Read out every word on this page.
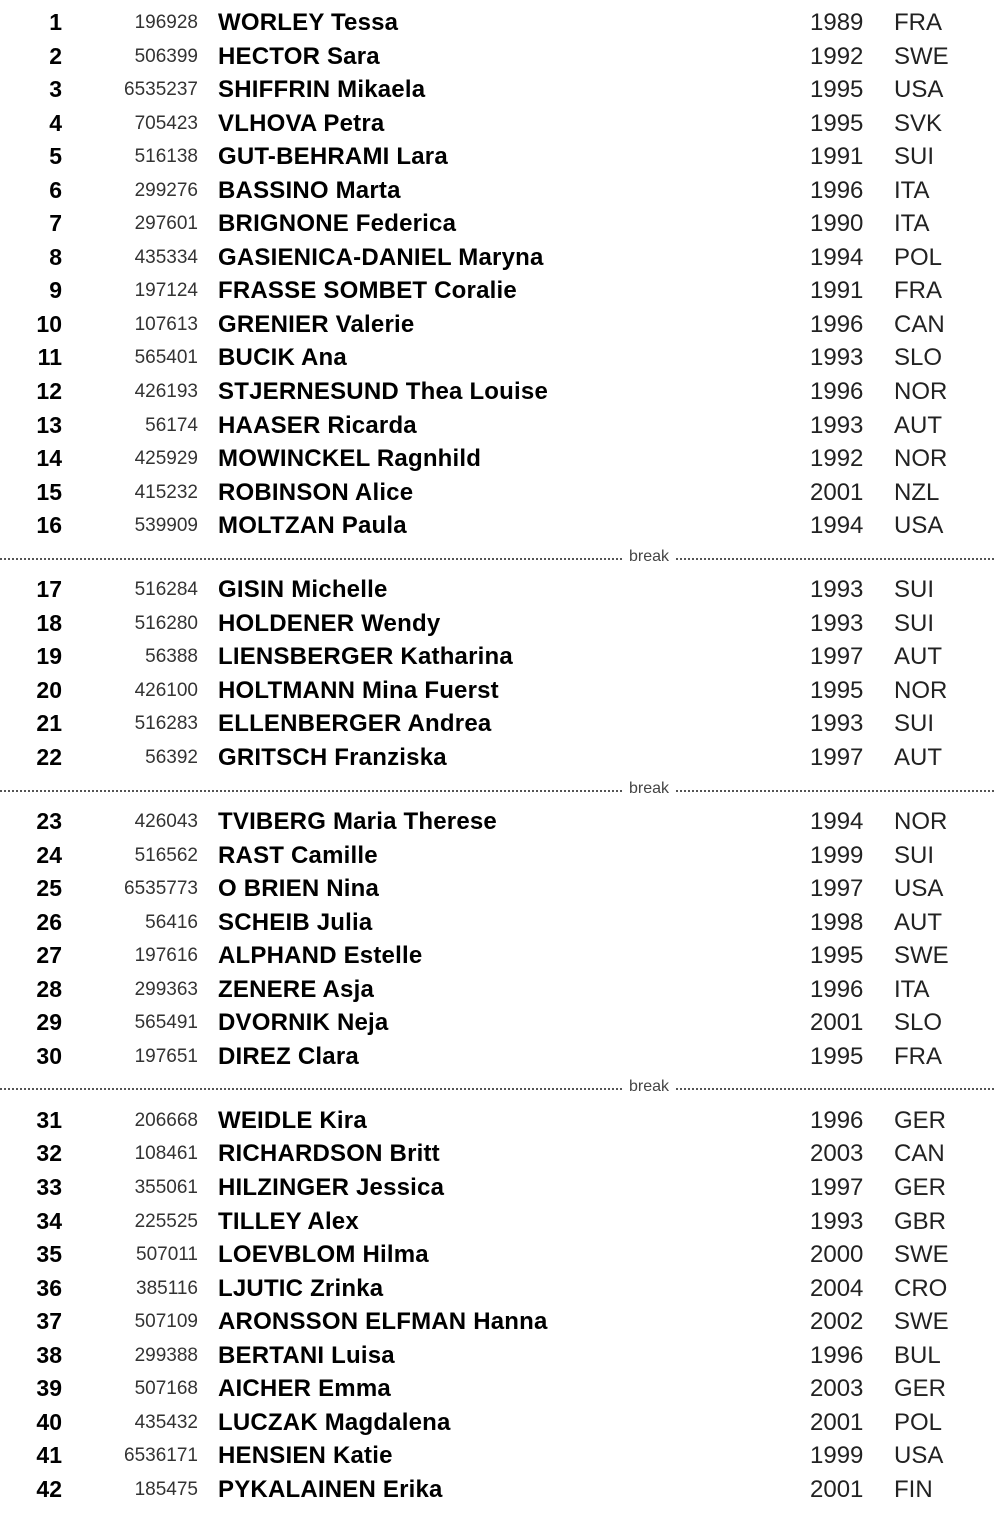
1	196928 WORLEY Tessa	1989 FRA
2	506399 HECTOR Sara	1992 SWE
3	6535237 SHIFFRIN Mikaela	1995 USA
4	705423 VLHOVA Petra	1995 SVK
5	516138 GUT-BEHRAMI Lara	1991 SUI
6	299276 BASSINO Marta	1996 ITA
7	297601 BRIGNONE Federica	1990 ITA
8	435334 GASIENICA-DANIEL Maryna	1994 POL
9	197124 FRASSE SOMBET Coralie	1991 FRA
10	107613 GRENIER Valerie	1996 CAN
11	565401 BUCIK Ana	1993 SLO
12	426193 STJERNESUND Thea Louise	1996 NOR
13	56174 HAASER Ricarda	1993 AUT
14	425929 MOWINCKEL Ragnhild	1992 NOR
15	415232 ROBINSON Alice	2001 NZL
16	539909 MOLTZAN Paula	1994 USA
break
17	516284 GISIN Michelle	1993 SUI
18	516280 HOLDENER Wendy	1993 SUI
19	56388 LIENSBERGER Katharina	1997 AUT
20	426100 HOLTMANN Mina Fuerst	1995 NOR
21	516283 ELLENBERGER Andrea	1993 SUI
22	56392 GRITSCH Franziska	1997 AUT
break
23	426043 TVIBERG Maria Therese	1994 NOR
24	516562 RAST Camille	1999 SUI
25	6535773 O BRIEN Nina	1997 USA
26	56416 SCHEIB Julia	1998 AUT
27	197616 ALPHAND Estelle	1995 SWE
28	299363 ZENERE Asja	1996 ITA
29	565491 DVORNIK Neja	2001 SLO
30	197651 DIREZ Clara	1995 FRA
break
31	206668 WEIDLE Kira	1996 GER
32	108461 RICHARDSON Britt	2003 CAN
33	355061 HILZINGER Jessica	1997 GER
34	225525 TILLEY Alex	1993 GBR
35	507011 LOEVBLOM Hilma	2000 SWE
36	385116 LJUTIC Zrinka	2004 CRO
37	507109 ARONSSON ELFMAN Hanna	2002 SWE
38	299388 BERTANI Luisa	1996 BUL
39	507168 AICHER Emma	2003 GER
40	435432 LUCZAK Magdalena	2001 POL
41	6536171 HENSIEN Katie	1999 USA
42	185475 PYKALAINEN Erika	2001 FIN
